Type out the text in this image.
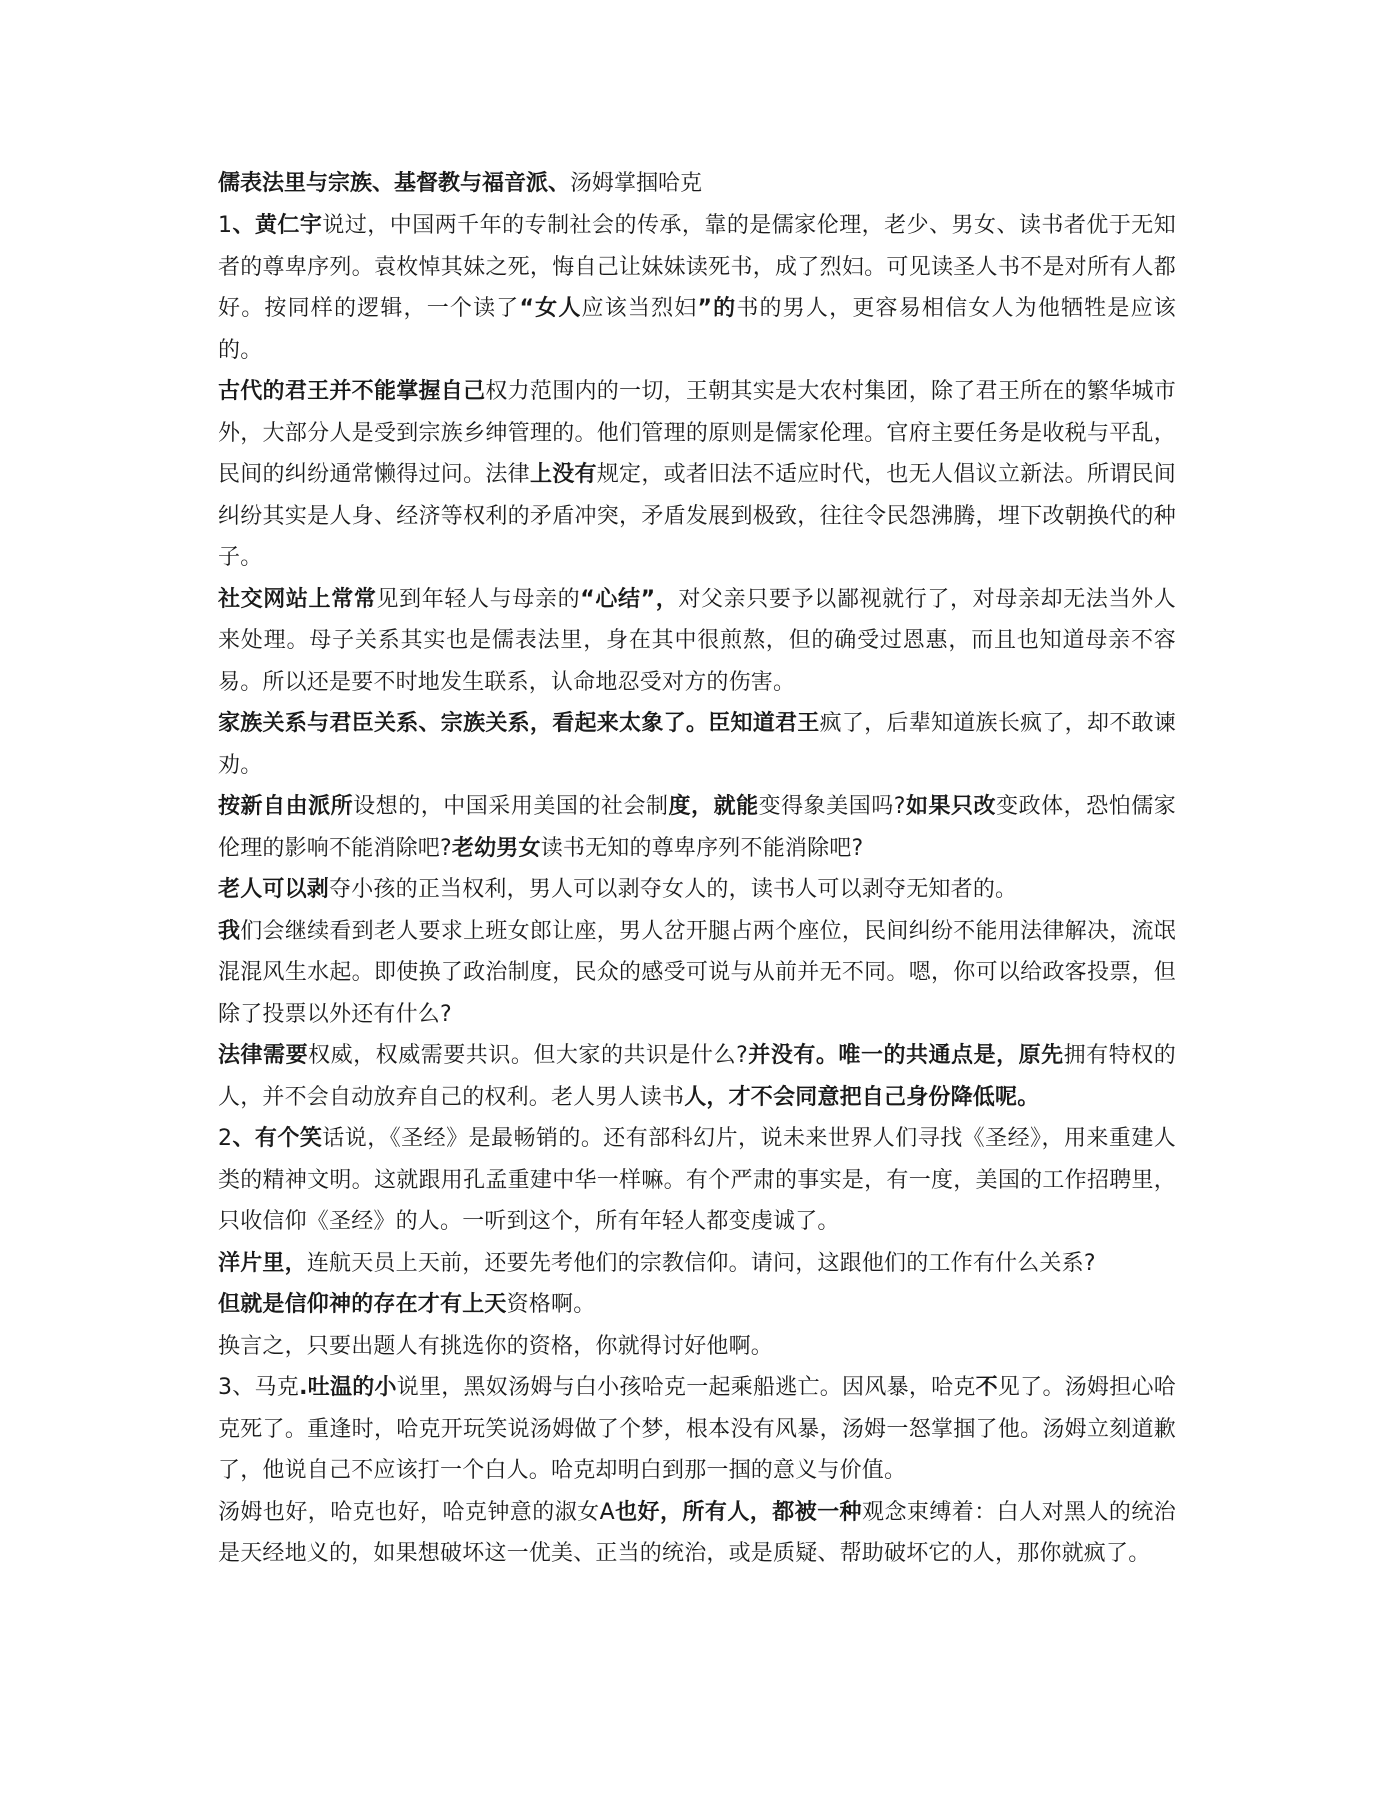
儒表法里与宗族、基督教与福音派、汤姆掌掴哈克

1、黄仁宇说过，中国两千年的专制社会的传承，靠的是儒家伦理，老少、男女、读书者优于无知者的尊卑序列。袁枚悼其妹之死，悔自己让妹妹读死书，成了烈妇。可见读圣人书不是对所有人都好。按同样的逻辑，一个读了“女人应该当烈妇”的书的男人，更容易相信女人为他牺牲是应该的。

古代的君王并不能掌握自己权力范围内的一切，王朝其实是大农村集团，除了君王所在的繁华城市外，大部分人是受到宗族乡绅管理的。他们管理的原则是儒家伦理。官府主要任务是收税与平乱，民间的纠纷通常懒得过问。法律上没有规定，或者旧法不适应时代，也无人倡议立新法。所谓民间纠纷其实是人身、经济等权利的矛盾冲突，矛盾发展到极致，往往令民怨沸腾，埋下改朝换代的种子。

社交网站上常常见到年轻人与母亲的“心结”，对父亲只要予以鄙视就行了，对母亲却无法当外人来处理。母子关系其实也是儒表法里，身在其中很煎熬，但的确受过恩惠，而且也知道母亲不容易。所以还是要不时地发生联系，认命地忍受对方的伤害。

家族关系与君臣关系、宗族关系，看起来太象了。臣知道君王疯了，后辈知道族长疯了，却不敢谏劝。

按新自由派所设想的，中国采用美国的社会制度，就能变得象美国吗?如果只改变政体，恐怕儒家伦理的影响不能消除吧?老幼男女读书无知的尊卑序列不能消除吧?

老人可以剥夺小孩的正当权利，男人可以剥夺女人的，读书人可以剥夺无知者的。

我们会继续看到老人要求上班女郎让座，男人岔开腿占两个座位，民间纠纷不能用法律解决，流氓混混风生水起。即使换了政治制度，民众的感受可说与从前并无不同。嗯，你可以给政客投票，但除了投票以外还有什么?

法律需要权威，权威需要共识。但大家的共识是什么?并没有。唯一的共通点是，原先拥有特权的人，并不会自动放弃自己的权利。老人男人读书人，才不会同意把自己身份降低呢。

2、有个笑话说，《圣经》是最畅销的。还有部科幻片，说未来世界人们寻找《圣经》，用来重建人类的精神文明。这就跟用孔孟重建中华一样嘛。有个严肃的事实是，有一度，美国的工作招聘里，只收信仰《圣经》的人。一听到这个，所有年轻人都变虔诚了。

洋片里，连航天员上天前，还要先考他们的宗教信仰。请问，这跟他们的工作有什么关系?

但就是信仰神的存在才有上天资格啊。

换言之，只要出题人有挑选你的资格，你就得讨好他啊。

3、马克.吐温的小说里，黑奴汤姆与白小孩哈克一起乘船逃亡。因风暴，哈克不见了。汤姆担心哈克死了。重逢时，哈克开玩笑说汤姆做了个梦，根本没有风暴，汤姆一怒掌掴了他。汤姆立刻道歉了，他说自己不应该打一个白人。哈克却明白到那一掴的意义与价值。

汤姆也好，哈克也好，哈克钟意的淑女A也好，所有人，都被一种观念束缚着：白人对黑人的统治是天经地义的，如果想破坏这一优美、正当的统治，或是质疑、帮助破坏它的人，那你就疯了。
